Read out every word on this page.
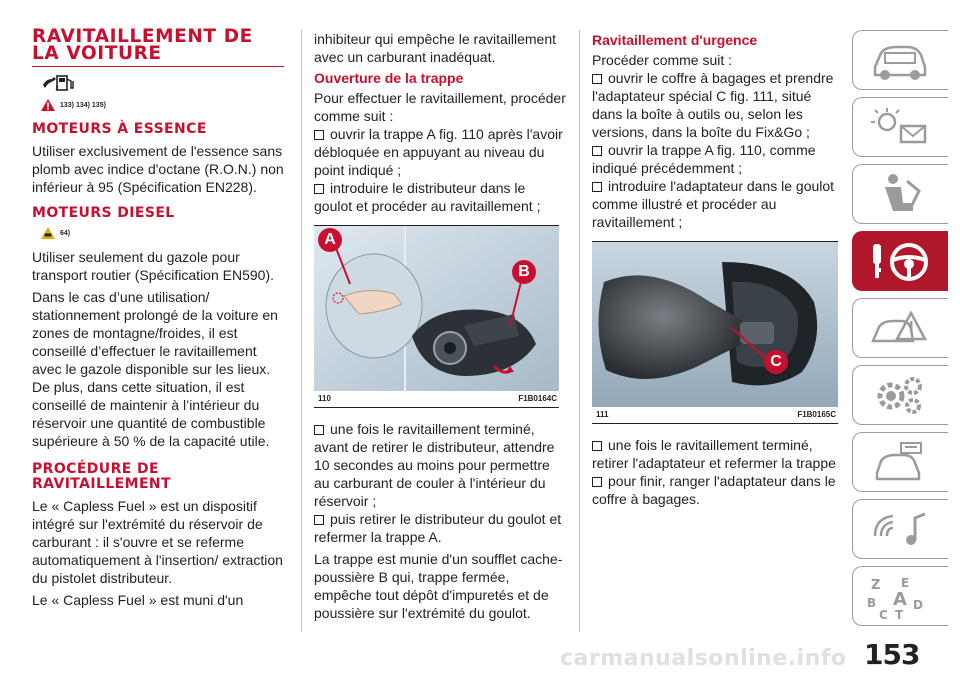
RAVITAILLEMENT DE
LA VOITURE
133) 134) 135)
MOTEURS À ESSENCE

Utiliser exclusivement de l'essence sans plomb avec indice d'octane (R.O.N.) non inférieur à 95 (Spécification EN228).

MOTEURS DIESEL
64)

Utiliser seulement du gazole pour transport routier (Spécification EN590).

Dans le cas d’une utilisation/ stationnement prolongé de la voiture en zones de montagne/froides, il est conseillé d’effectuer le ravitaillement avec le gazole disponible sur les lieux. De plus, dans cette situation, il est conseillé de maintenir à l’intérieur du réservoir une quantité de combustible supérieure à 50 % de la capacité utile.

PROCÉDURE DE
RAVITAILLEMENT

Le « Capless Fuel » est un dispositif intégré sur l'extrémité du réservoir de carburant : il s'ouvre et se referme automatiquement à l'insertion/ extraction du pistolet distributeur.

Le « Capless Fuel » est muni d'un

inhibiteur qui empêche le ravitaillement avec un carburant inadéquat.

Ouverture de la trappe

Pour effectuer le ravitaillement, procéder comme suit :

ouvrir la trappe A fig. 110 après l'avoir débloquée en appuyant au niveau du point indiqué ;

introduire le distributeur dans le goulot et procéder au ravitaillement ;

A
B
110	F1B0164C

une fois le ravitaillement terminé, avant de retirer le distributeur, attendre 10 secondes au moins pour permettre au carburant de couler à l'intérieur du réservoir ;

puis retirer le distributeur du goulot et refermer la trappe A.

La trappe est munie d'un soufflet cache-poussière B qui, trappe fermée, empêche tout dépôt d'impuretés et de poussière sur l'extrémité du goulot.

Ravitaillement d'urgence

Procéder comme suit :

ouvrir le coffre à bagages et prendre l'adaptateur spécial C fig. 111, situé dans la boîte à outils ou, selon les versions, dans la boîte du Fix&Go ;

ouvrir la trappe A fig. 110, comme indiqué précédemment ;

introduire l'adaptateur dans le goulot comme illustré et procéder au ravitaillement ;

C
111	F1B0165C

une fois le ravitaillement terminé, retirer l'adaptateur et refermer la trappe

pour finir, ranger l'adaptateur dans le coffre à bagages.

Z E
B A D
C T
carmanualsonline.info 153
